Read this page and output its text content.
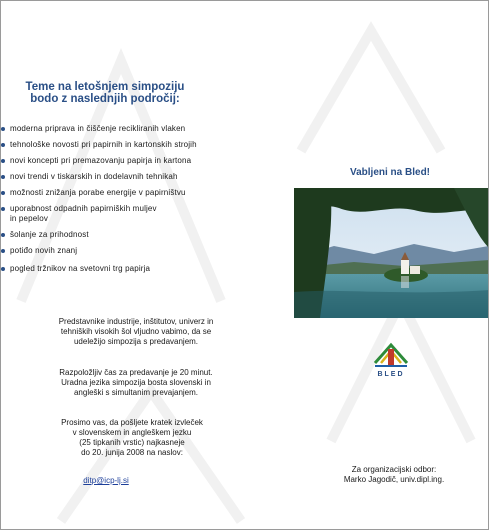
Teme na letošnjem simpoziju
bodo z naslednjih področij:
moderna priprava in čiščenje recikliranih vlaken
tehnološke novosti pri papirnih in kartonskih strojih
novi koncepti pri premazovanju papirja in kartona
novi trendi v tiskarskih in dodelavnih tehnikah
možnosti znižanja porabe energije v papirništvu
uporabnost odpadnih papirniških muljev in pepelov
šolanje za prihodnost
potiđo novih znanj
pogled tržnikov na svetovni trg papirja
Predstavnike industrije, inštitutov, univerz in
tehniških visokih šol vljudno vabimo, da se
udeležijo simpozija s predavanjem.
Razpoložljiv čas za predavanje je 20 minut.
Uradna jezika simpozija bosta slovenski in
angleški s simultanim prevajanjem.
Prosimo vas, da pošljete kratek izvleček
v slovenskem in angleškem jezku
(25 tipkanih vrstic) najkasneje
do 20. junija 2008 na naslov:
ditp@icp-lj.si
Vabljeni na Bled!
BLED
Za organizacijski odbor:
Marko Jagodič, univ.dipl.ing.
